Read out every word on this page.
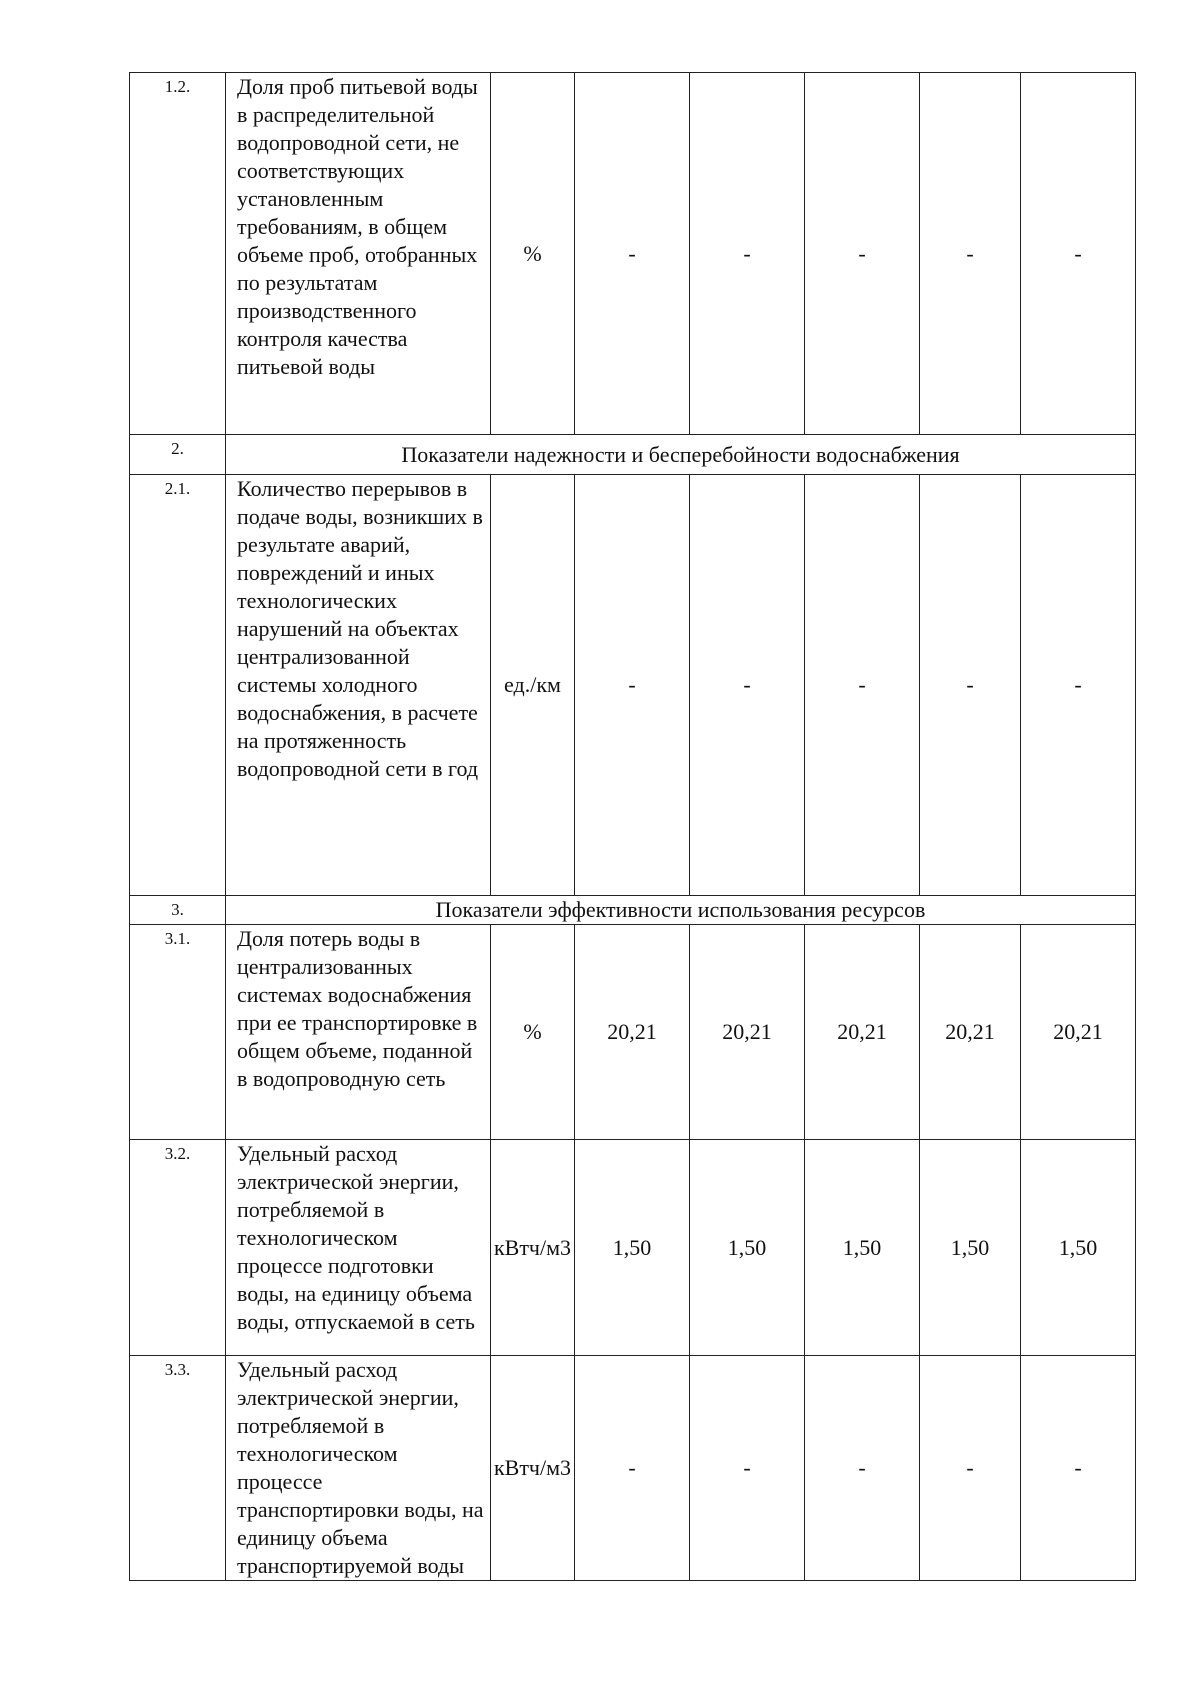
1.2.	Доля проб питьевой воды в распределительной водопроводной сети, не соответствующих установленным требованиям, в общем объеме проб, отобранных по результатам производственного контроля качества питьевой воды	%	-	-	-	-	-
2.	Показатели надежности и бесперебойности водоснабжения						
2.1.	Количество перерывов в подаче воды, возникших в результате аварий, повреждений и иных технологических нарушений на объектах централизованной системы холодного водоснабжения, в расчете на протяженность водопроводной сети в год	ед./км	-	-	-	-	-
3.	Показатели эффективности использования ресурсов						
3.1.	Доля потерь воды в централизованных системах водоснабжения при ее транспортировке в общем объеме, поданной в водопроводную сеть	%	20,21	20,21	20,21	20,21	20,21
3.2.	Удельный расход электрической энергии, потребляемой в технологическом процессе подготовки воды, на единицу объема воды, отпускаемой в сеть	кВтч/м3	1,50	1,50	1,50	1,50	1,50
3.3.	Удельный расход электрической энергии, потребляемой в технологическом процессе транспортировки воды, на единицу объема транспортируемой воды	кВтч/м3	-	-	-	-	-
